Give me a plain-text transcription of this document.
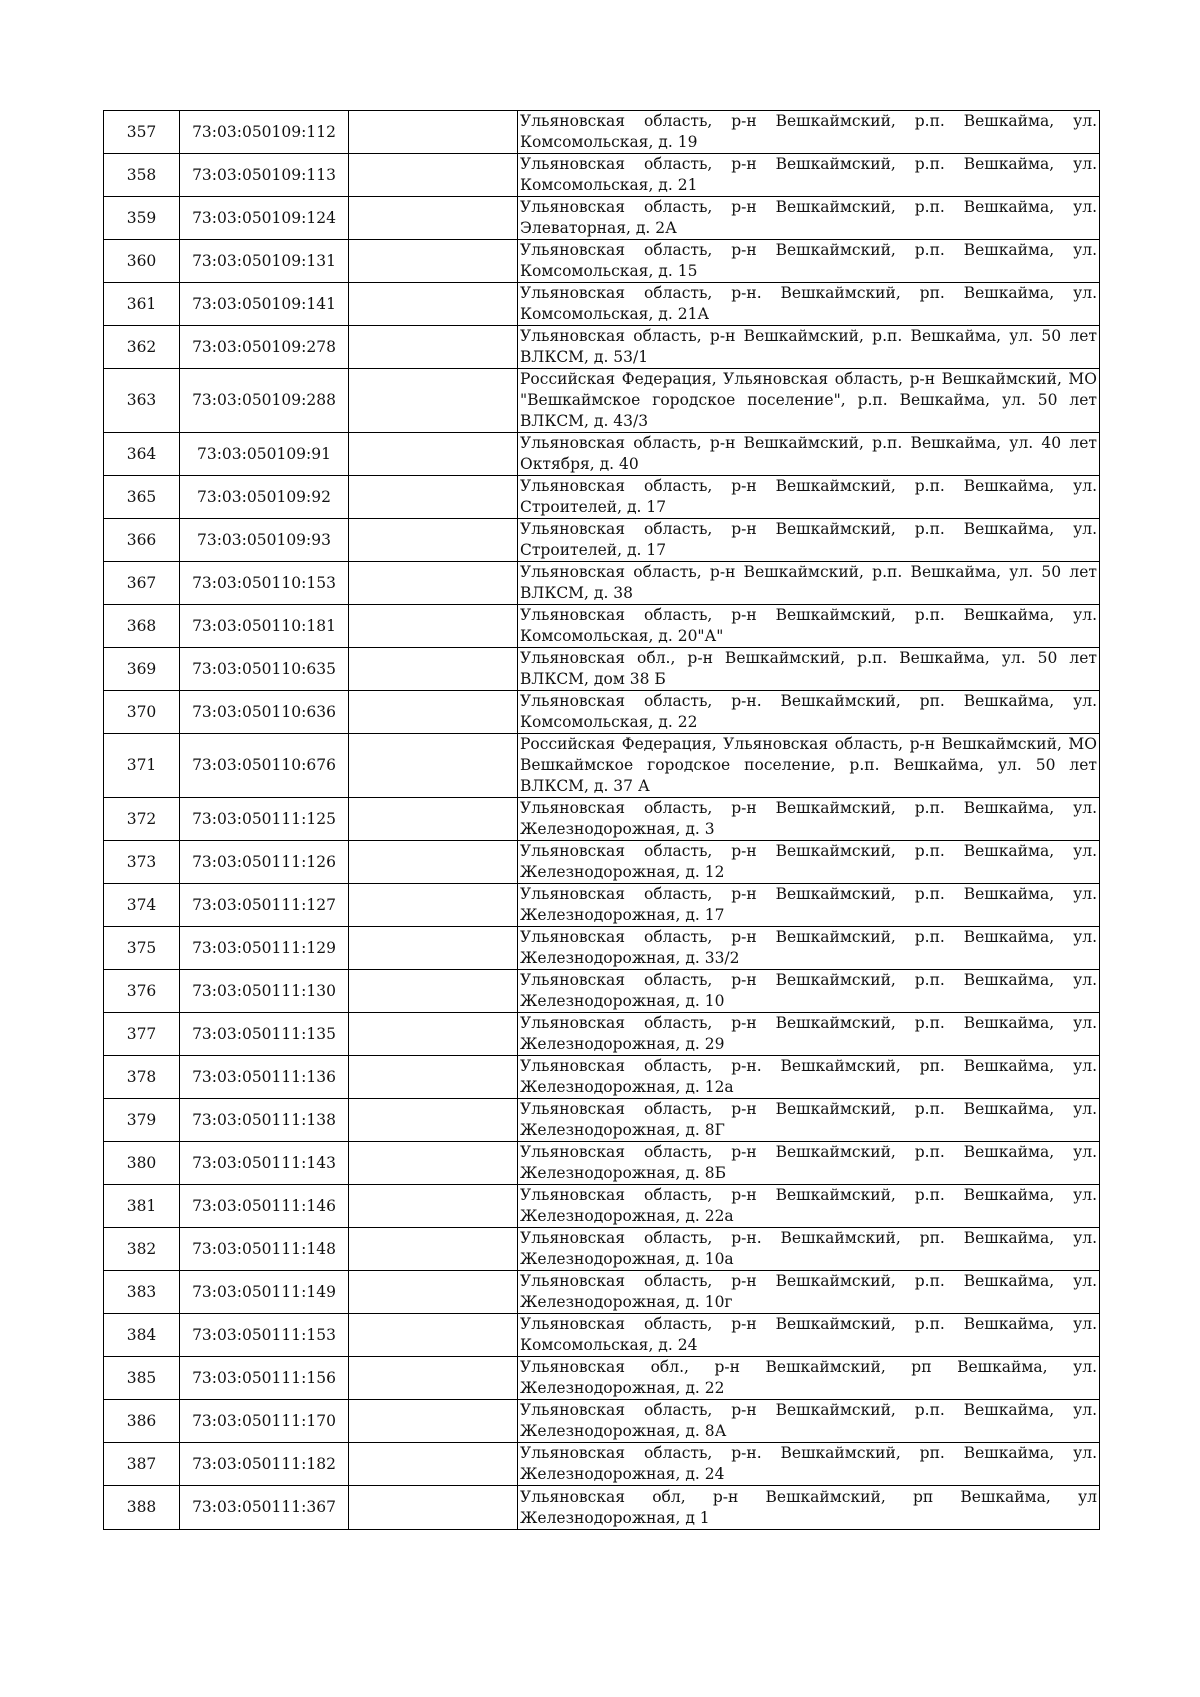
357	73:03:050109:112		Ульяновская область, р-н Вешкаймский, р.п. Вешкайма, ул. Комсомольская, д. 19
358	73:03:050109:113		Ульяновская область, р-н Вешкаймский, р.п. Вешкайма, ул. Комсомольская, д. 21
359	73:03:050109:124		Ульяновская область, р-н Вешкаймский, р.п. Вешкайма, ул. Элеваторная, д. 2А
360	73:03:050109:131		Ульяновская область, р-н Вешкаймский, р.п. Вешкайма, ул. Комсомольская, д. 15
361	73:03:050109:141		Ульяновская область, р-н. Вешкаймский, рп. Вешкайма, ул. Комсомольская, д. 21А
362	73:03:050109:278		Ульяновская область, р-н Вешкаймский, р.п. Вешкайма, ул. 50 лет ВЛКСМ, д. 53/1
363	73:03:050109:288		Российская Федерация, Ульяновская область, р-н Вешкаймский, МО "Вешкаймское городское поселение", р.п. Вешкайма, ул. 50 лет ВЛКСМ, д. 43/3
364	73:03:050109:91		Ульяновская область, р-н Вешкаймский, р.п. Вешкайма, ул. 40 лет Октября, д. 40
365	73:03:050109:92		Ульяновская область, р-н Вешкаймский, р.п. Вешкайма, ул. Строителей, д. 17
366	73:03:050109:93		Ульяновская область, р-н Вешкаймский, р.п. Вешкайма, ул. Строителей, д. 17
367	73:03:050110:153		Ульяновская область, р-н Вешкаймский, р.п. Вешкайма, ул. 50 лет ВЛКСМ, д. 38
368	73:03:050110:181		Ульяновская область, р-н Вешкаймский, р.п. Вешкайма, ул. Комсомольская, д. 20"А"
369	73:03:050110:635		Ульяновская обл., р-н Вешкаймский, р.п. Вешкайма, ул. 50 лет ВЛКСМ, дом 38 Б
370	73:03:050110:636		Ульяновская область, р-н. Вешкаймский, рп. Вешкайма, ул. Комсомольская, д. 22
371	73:03:050110:676		Российская Федерация, Ульяновская область, р-н Вешкаймский, МО Вешкаймское городское поселение, р.п. Вешкайма, ул. 50 лет ВЛКСМ, д. 37 А
372	73:03:050111:125		Ульяновская область, р-н Вешкаймский, р.п. Вешкайма, ул. Железнодорожная, д. 3
373	73:03:050111:126		Ульяновская область, р-н Вешкаймский, р.п. Вешкайма, ул. Железнодорожная, д. 12
374	73:03:050111:127		Ульяновская область, р-н Вешкаймский, р.п. Вешкайма, ул. Железнодорожная, д. 17
375	73:03:050111:129		Ульяновская область, р-н Вешкаймский, р.п. Вешкайма, ул. Железнодорожная, д. 33/2
376	73:03:050111:130		Ульяновская область, р-н Вешкаймский, р.п. Вешкайма, ул. Железнодорожная, д. 10
377	73:03:050111:135		Ульяновская область, р-н Вешкаймский, р.п. Вешкайма, ул. Железнодорожная, д. 29
378	73:03:050111:136		Ульяновская область, р-н. Вешкаймский, рп. Вешкайма, ул. Железнодорожная, д. 12а
379	73:03:050111:138		Ульяновская область, р-н Вешкаймский, р.п. Вешкайма, ул. Железнодорожная, д. 8Г
380	73:03:050111:143		Ульяновская область, р-н Вешкаймский, р.п. Вешкайма, ул. Железнодорожная, д. 8Б
381	73:03:050111:146		Ульяновская область, р-н Вешкаймский, р.п. Вешкайма, ул. Железнодорожная, д. 22а
382	73:03:050111:148		Ульяновская область, р-н. Вешкаймский, рп. Вешкайма, ул. Железнодорожная, д. 10а
383	73:03:050111:149		Ульяновская область, р-н Вешкаймский, р.п. Вешкайма, ул. Железнодорожная, д. 10г
384	73:03:050111:153		Ульяновская область, р-н Вешкаймский, р.п. Вешкайма, ул. Комсомольская, д. 24
385	73:03:050111:156		Ульяновская обл., р-н Вешкаймский, рп Вешкайма, ул. Железнодорожная, д. 22
386	73:03:050111:170		Ульяновская область, р-н Вешкаймский, р.п. Вешкайма, ул. Железнодорожная, д. 8А
387	73:03:050111:182		Ульяновская область, р-н. Вешкаймский, рп. Вешкайма, ул. Железнодорожная, д. 24
388	73:03:050111:367		Ульяновская обл, р-н Вешкаймский, рп Вешкайма, ул Железнодорожная, д 1
